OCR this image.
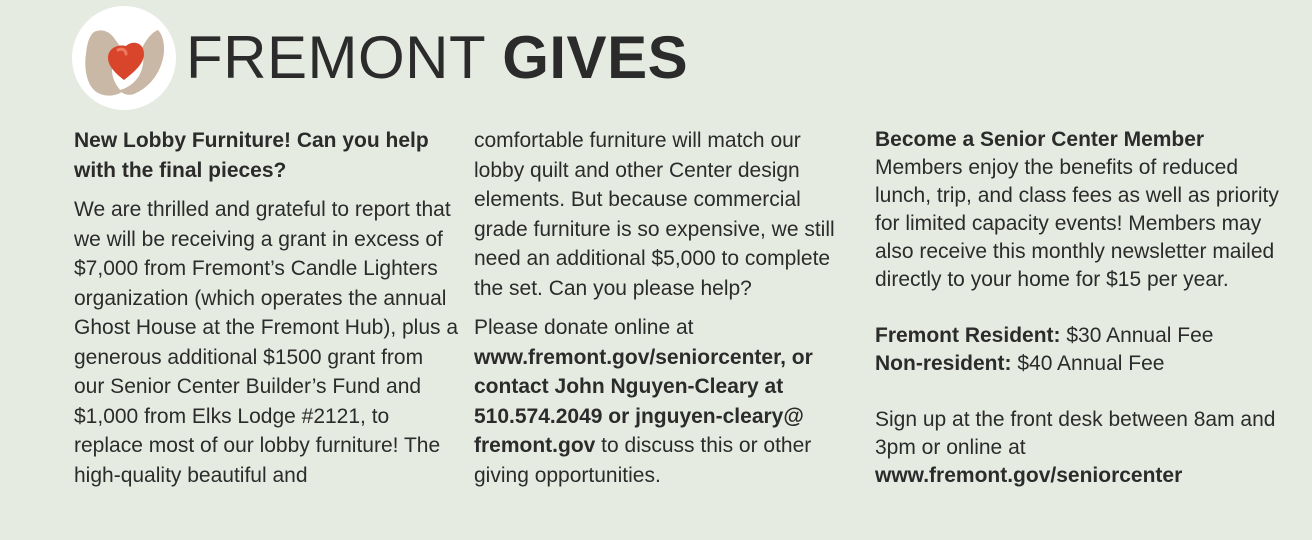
FREMONT GIVES

New Lobby Furniture! Can you help with the final pieces?

We are thrilled and grateful to report that we will be receiving a grant in excess of $7,000 from Fremont’s Candle Lighters organization (which operates the annual Ghost House at the Fremont Hub), plus a generous additional $1500 grant from our Senior Center Builder’s Fund and $1,000 from Elks Lodge #2121, to replace most of our lobby furniture! The high-quality beautiful and

comfortable furniture will match our lobby quilt and other Center design elements. But because commercial grade furniture is so expensive, we still need an additional $5,000 to complete the set. Can you please help?

Please donate online at
www.fremont.gov/seniorcenter, or contact John Nguyen-Cleary at 510.574.2049 or jnguyen-cleary@ fremont.gov to discuss this or other giving opportunities.

Become a Senior Center Member

Members enjoy the benefits of reduced lunch, trip, and class fees as well as priority for limited capacity events! Members may also receive this monthly newsletter mailed directly to your home for $15 per year.

Fremont Resident: $30 Annual Fee

Non-resident: $40 Annual Fee

Sign up at the front desk between 8am and 3pm or online at
www.fremont.gov/seniorcenter
